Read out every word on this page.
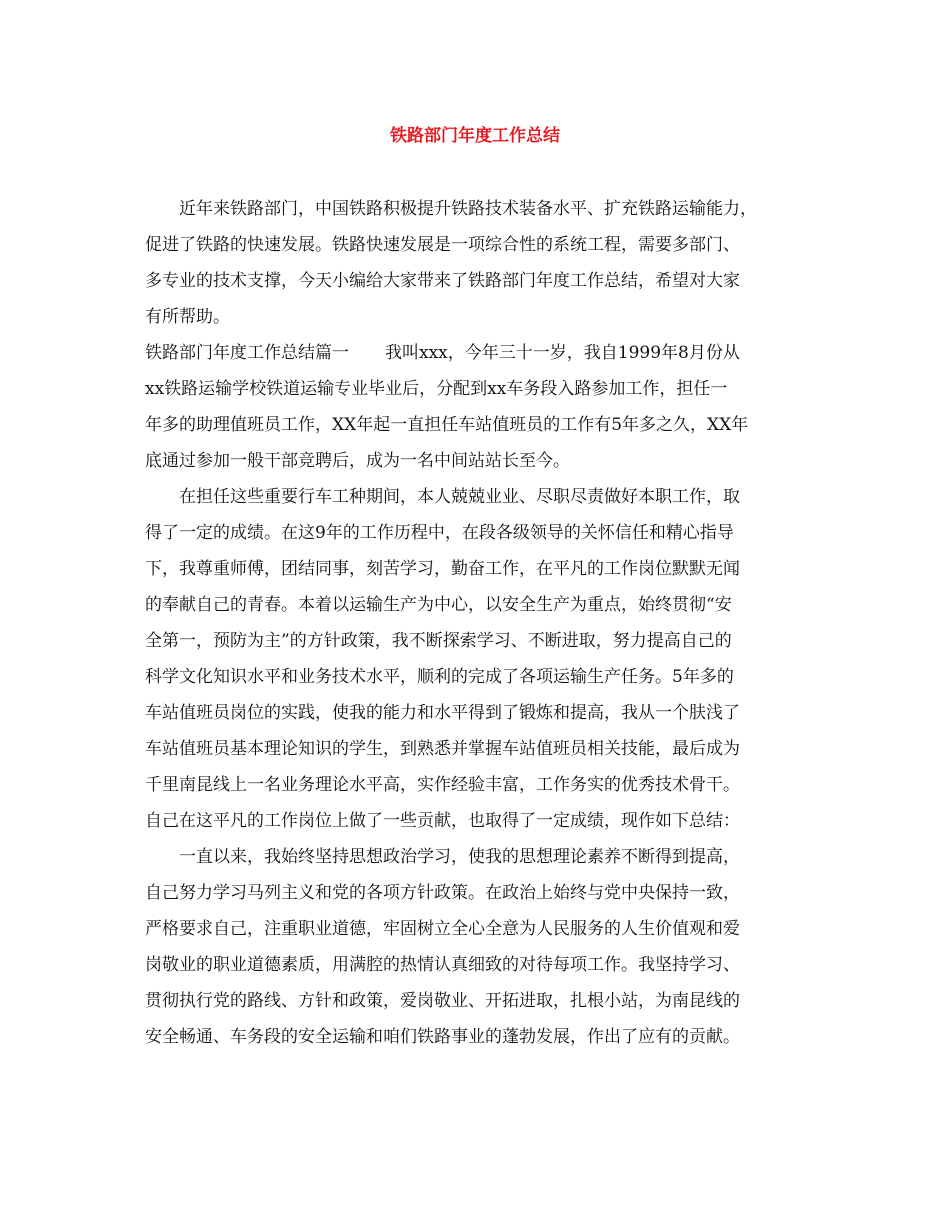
铁路部门年度工作总结
近年来铁路部门，中国铁路积极提升铁路技术装备水平、扩充铁路运输能力，
促进了铁路的快速发展。铁路快速发展是一项综合性的系统工程，需要多部门、
多专业的技术支撑，今天小编给大家带来了铁路部门年度工作总结，希望对大家
有所帮助。
铁路部门年度工作总结篇一 我叫xxx，今年三十一岁，我自1999年8月份从
xx铁路运输学校铁道运输专业毕业后，分配到xx车务段入路参加工作，担任一
年多的助理值班员工作，XX年起一直担任车站值班员的工作有5年多之久，XX年
底通过参加一般干部竞聘后，成为一名中间站站长至今。
在担任这些重要行车工种期间，本人兢兢业业、尽职尽责做好本职工作，取
得了一定的成绩。在这9年的工作历程中，在段各级领导的关怀信任和精心指导
下，我尊重师傅，团结同事，刻苦学习，勤奋工作，在平凡的工作岗位默默无闻
的奉献自己的青春。本着以运输生产为中心，以安全生产为重点，始终贯彻“安
全第一，预防为主”的方针政策，我不断探索学习、不断进取，努力提高自己的
科学文化知识水平和业务技术水平，顺利的完成了各项运输生产任务。5年多的
车站值班员岗位的实践，使我的能力和水平得到了锻炼和提高，我从一个肤浅了
车站值班员基本理论知识的学生，到熟悉并掌握车站值班员相关技能，最后成为
千里南昆线上一名业务理论水平高，实作经验丰富，工作务实的优秀技术骨干。
自己在这平凡的工作岗位上做了一些贡献，也取得了一定成绩，现作如下总结：
一直以来，我始终坚持思想政治学习，使我的思想理论素养不断得到提高，
自己努力学习马列主义和党的各项方针政策。在政治上始终与党中央保持一致，
严格要求自己，注重职业道德，牢固树立全心全意为人民服务的人生价值观和爱
岗敬业的职业道德素质，用满腔的热情认真细致的对待每项工作。我坚持学习、
贯彻执行党的路线、方针和政策，爱岗敬业、开拓进取，扎根小站，为南昆线的
安全畅通、车务段的安全运输和咱们铁路事业的蓬勃发展，作出了应有的贡献。
